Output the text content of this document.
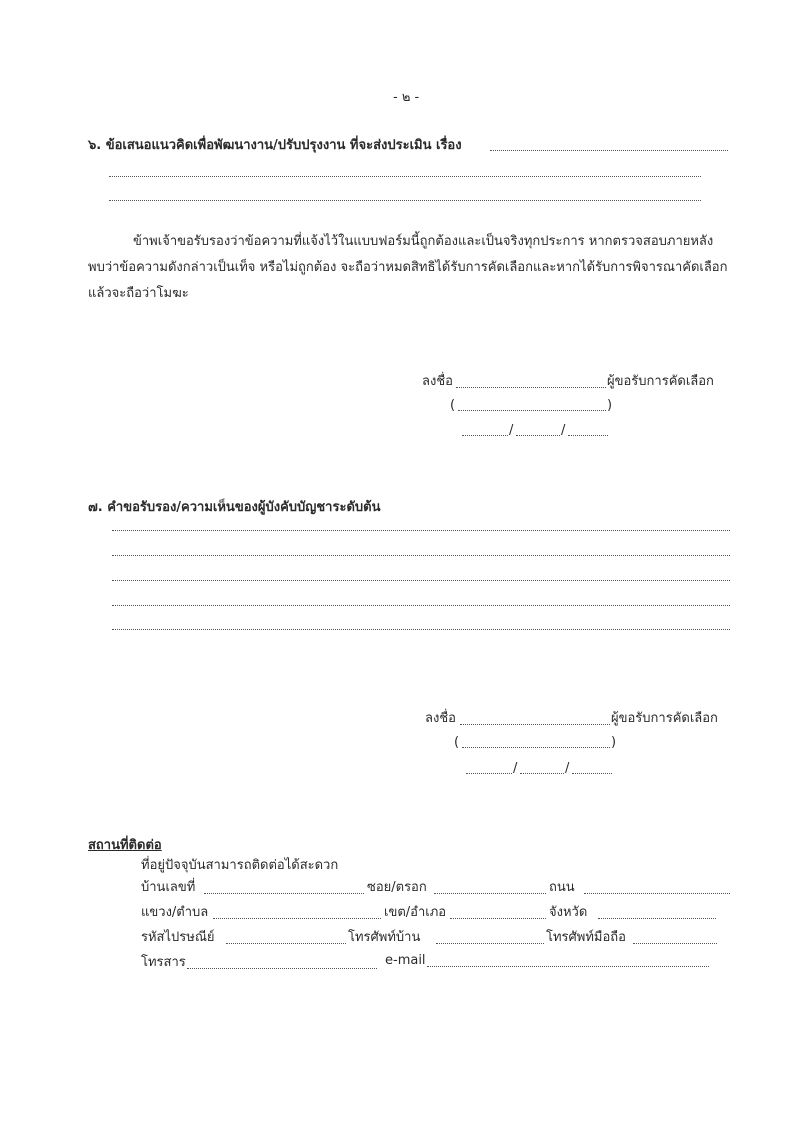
- ๒ -
๖. ข้อเสนอแนวคิดเพื่อพัฒนางาน/ปรับปรุงงาน ที่จะส่งประเมิน เรื่อง
ข้าพเจ้าขอรับรองว่าข้อความที่แจ้งไว้ในแบบฟอร์มนี้ถูกต้องและเป็นจริงทุกประการ หากตรวจสอบภายหลัง
พบว่าข้อความดังกล่าวเป็นเท็จ หรือไม่ถูกต้อง จะถือว่าหมดสิทธิได้รับการคัดเลือกและหากได้รับการพิจารณาคัดเลือก
แล้วจะถือว่าโมฆะ
ลงชื่อ	ผู้ขอรับการคัดเลือก
(	)
/	/
๗. คำขอรับรอง/ความเห็นของผู้บังคับบัญชาระดับต้น
ลงชื่อ	ผู้ขอรับการคัดเลือก
(	)
/	/
สถานที่ติดต่อ
ที่อยู่ปัจจุบันสามารถติดต่อได้สะดวก
บ้านเลขที่	ซอย/ตรอก	ถนน
แขวง/ตำบล	เขต/อำเภอ	จังหวัด
รหัสไปรษณีย์	โทรศัพท์บ้าน	โทรศัพท์มือถือ
โทรสาร	e-mail
